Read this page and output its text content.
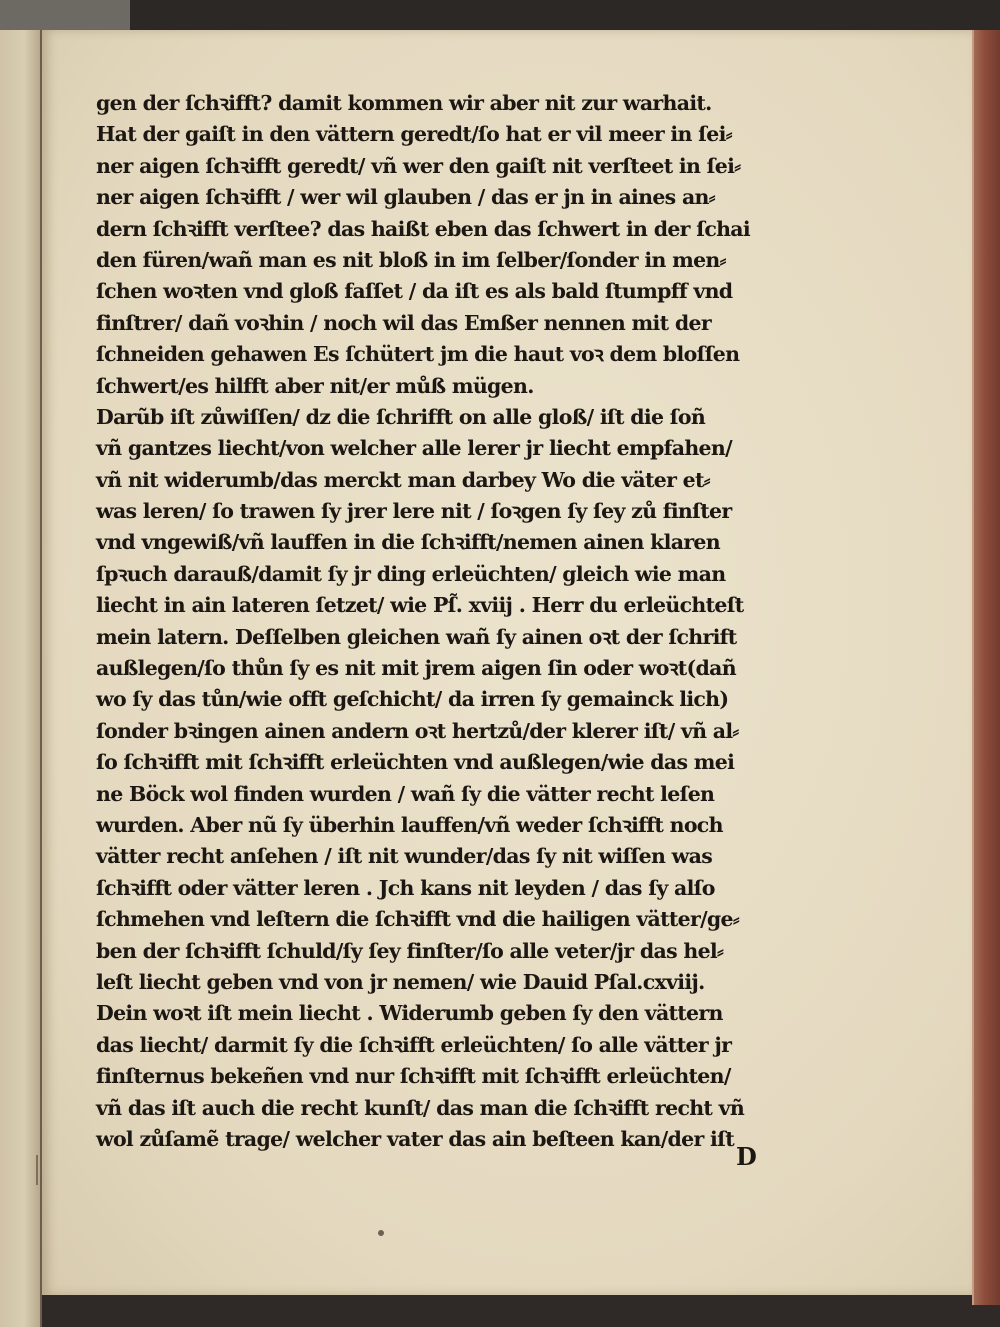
gen der ſchꝛifft? damit kommen wir aber nit zur warhait.
Hat der gaiſt in den vättern geredt/ſo hat er vil meer in ſei⸗
ner aigen ſchꝛifft geredt/ vñ wer den gaiſt nit verſteet in ſei⸗
ner aigen ſchꝛifft / wer wil glauben / das er jn in aines an⸗
dern ſchꝛifft verſtee? das haißt eben das ſchwert in der ſchai
den füren/wañ man es nit bloß in im ſelber/ſonder in men⸗
ſchen woꝛten vnd gloß faſſet / da iſt es als bald ſtumpff vnd
finſtrer/ dañ voꝛhin / noch wil das Emßer nennen mit der
ſchneiden gehawen Es ſchütert jm die haut voꝛ dem bloſſen
ſchwert/es hilfft aber nit/er můß mügen.
Darũb iſt zůwiſſen/ dz die ſchrifft on alle gloß/ iſt die ſoñ
vñ gantzes liecht/von welcher alle lerer jr liecht empfahen/
vñ nit widerumb/das merckt man darbey Wo die väter et⸗
was leren/ ſo trawen ſy jrer lere nit / ſoꝛgen ſy ſey zů finſter
vnd vngewiß/vñ lauffen in die ſchꝛifft/nemen ainen klaren
ſpꝛuch darauß/damit ſy jr ding erleüchten/ gleich wie man
liecht in ain lateren ſetzet/ wie Pſ̃. xviij . Herr du erleüchteſt
mein latern. Deſſelben gleichen wañ ſy ainen oꝛt der ſchrift
außlegen/ſo thůn ſy es nit mit jrem aigen ſin oder woꝛt(dañ
wo ſy das tůn/wie offt geſchicht/ da irren ſy gemainck lich)
ſonder bꝛingen ainen andern oꝛt hertzů/der klerer iſt/ vñ al⸗
ſo ſchꝛifft mit ſchꝛifft erleüchten vnd außlegen/wie das mei
ne Böck wol finden wurden / wañ ſy die vätter recht leſen
wurden. Aber nũ ſy überhin lauffen/vñ weder ſchꝛifft noch
vätter recht anſehen / iſt nit wunder/das ſy nit wiſſen was
ſchꝛifft oder vätter leren . Jch kans nit leyden / das ſy alſo
ſchmehen vnd leſtern die ſchꝛifft vnd die hailigen vätter/ge⸗
ben der ſchꝛifft ſchuld/ſy ſey finſter/ſo alle veter/jr das hel⸗
leſt liecht geben vnd von jr nemen/ wie Dauid Pſal.cxviij.
Dein woꝛt iſt mein liecht . Widerumb geben ſy den vättern
das liecht/ darmit ſy die ſchꝛifft erleüchten/ ſo alle vätter jr
finſternus bekeñen vnd nur ſchꝛifft mit ſchꝛifft erleüchten/
vñ das iſt auch die recht kunſt/ das man die ſchꝛifft recht vñ
wol zůſamẽ trage/ welcher vater das ain beſteen kan/der iſt
D
